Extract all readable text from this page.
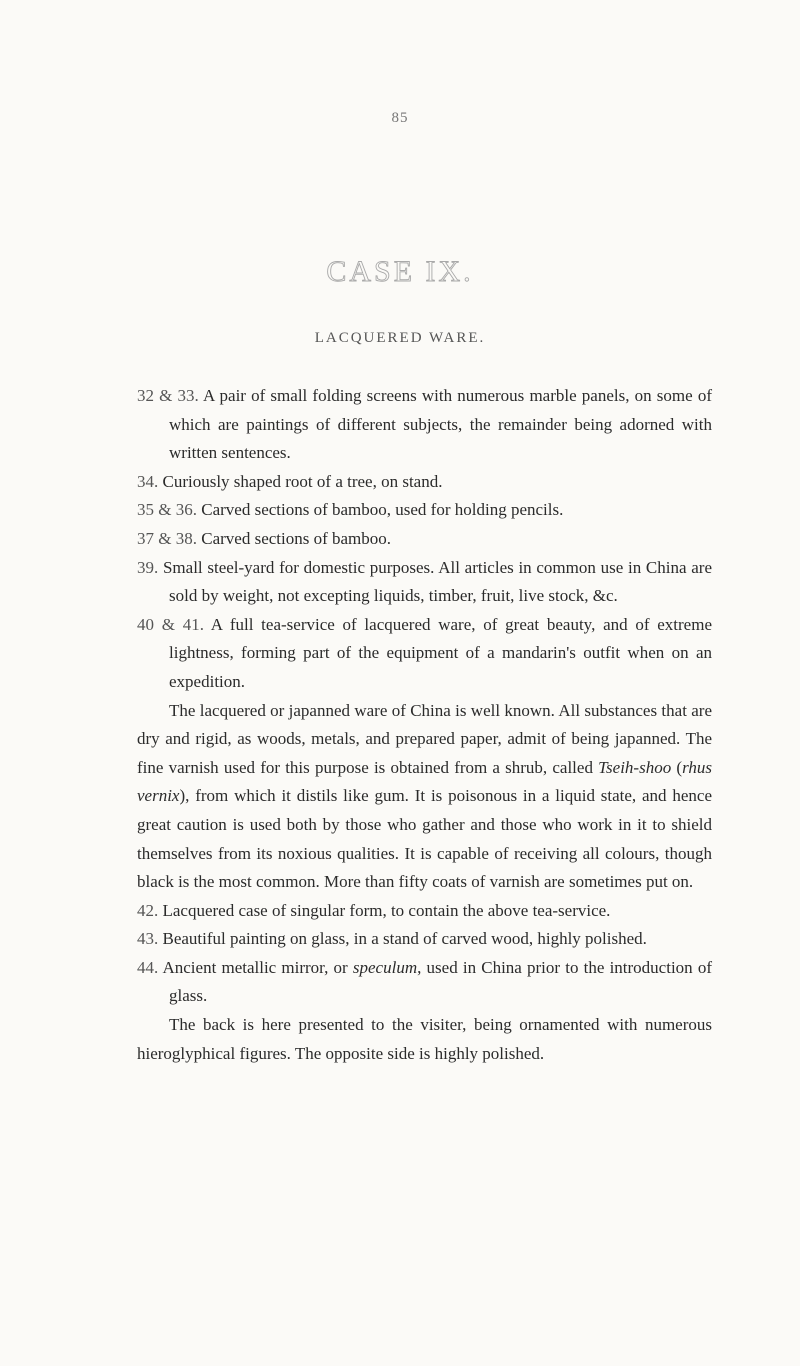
85
CASE IX.
LACQUERED WARE.

32 & 33. A pair of small folding screens with numerous marble panels, on some of which are paintings of different subjects, the remainder being adorned with written sentences.

34. Curiously shaped root of a tree, on stand.

35 & 36. Carved sections of bamboo, used for holding pencils.

37 & 38. Carved sections of bamboo.

39. Small steel-yard for domestic purposes. All articles in common use in China are sold by weight, not excepting liquids, timber, fruit, live stock, &c.

40 & 41. A full tea-service of lacquered ware, of great beauty, and of extreme lightness, forming part of the equipment of a mandarin's outfit when on an expedition.

The lacquered or japanned ware of China is well known. All substances that are dry and rigid, as woods, metals, and prepared paper, admit of being japanned. The fine varnish used for this purpose is obtained from a shrub, called Tseih-shoo (rhus vernix), from which it distils like gum. It is poisonous in a liquid state, and hence great caution is used both by those who gather and those who work in it to shield themselves from its noxious qualities. It is capable of receiving all colours, though black is the most common. More than fifty coats of varnish are sometimes put on.

42. Lacquered case of singular form, to contain the above tea-service.

43. Beautiful painting on glass, in a stand of carved wood, highly polished.

44. Ancient metallic mirror, or speculum, used in China prior to the introduction of glass.

The back is here presented to the visiter, being ornamented with numerous hieroglyphical figures. The opposite side is highly polished.
